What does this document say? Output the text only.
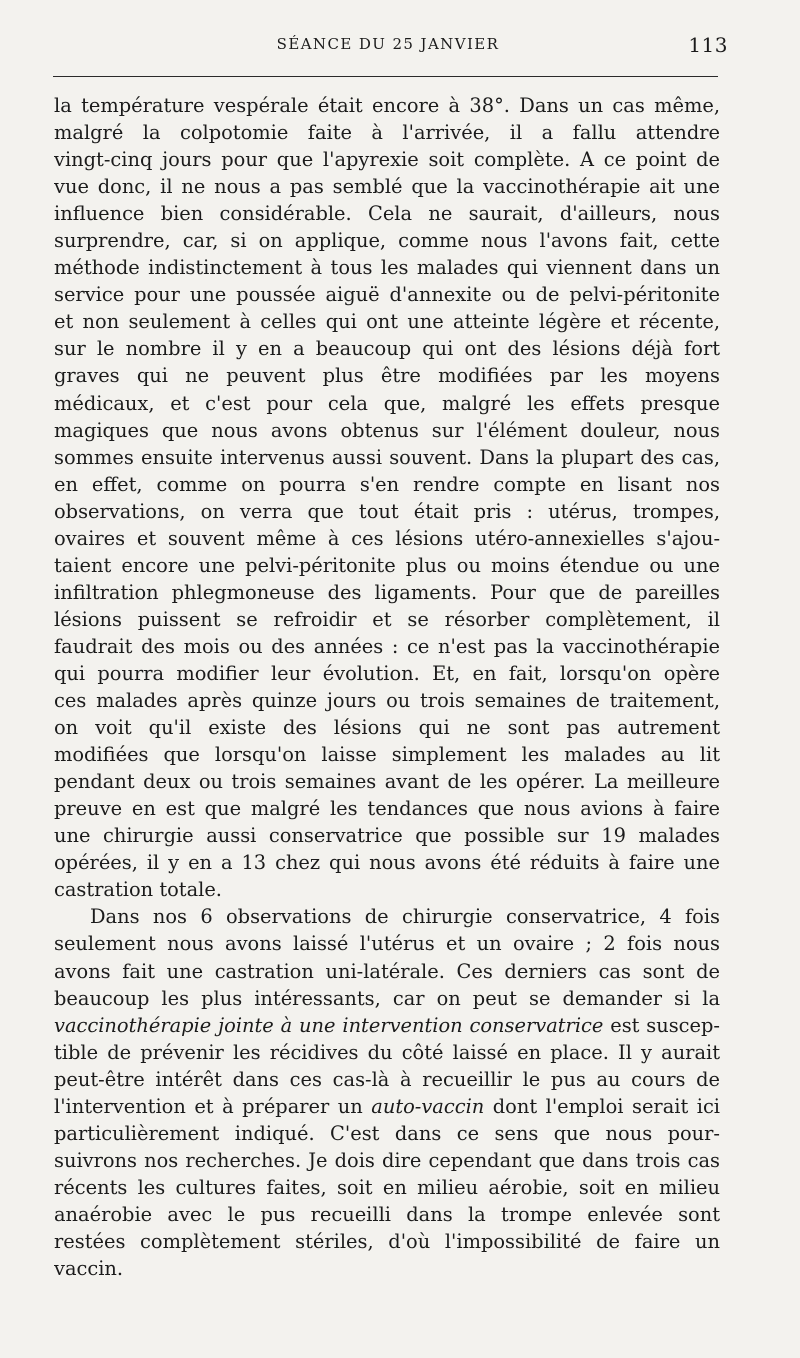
SÉANCE DU 25 JANVIER	113
la température vespérale était encore à 38°. Dans un cas même,
malgré la colpotomie faite à l'arrivée, il a fallu attendre
vingt-cinq jours pour que l'apyrexie soit complète. A ce point de
vue donc, il ne nous a pas semblé que la vaccinothérapie ait une
influence bien considérable. Cela ne saurait, d'ailleurs, nous
surprendre, car, si on applique, comme nous l'avons fait, cette
méthode indistinctement à tous les malades qui viennent dans un
service pour une poussée aiguë d'annexite ou de pelvi-péritonite
et non seulement à celles qui ont une atteinte légère et récente,
sur le nombre il y en a beaucoup qui ont des lésions déjà fort
graves qui ne peuvent plus être modifiées par les moyens
médicaux, et c'est pour cela que, malgré les effets presque
magiques que nous avons obtenus sur l'élément douleur, nous
sommes ensuite intervenus aussi souvent. Dans la plupart des cas,
en effet, comme on pourra s'en rendre compte en lisant nos
observations, on verra que tout était pris : utérus, trompes,
ovaires et souvent même à ces lésions utéro-annexielles s'ajou-
taient encore une pelvi-péritonite plus ou moins étendue ou une
infiltration phlegmoneuse des ligaments. Pour que de pareilles
lésions puissent se refroidir et se résorber complètement, il
faudrait des mois ou des années : ce n'est pas la vaccinothérapie
qui pourra modifier leur évolution. Et, en fait, lorsqu'on opère
ces malades après quinze jours ou trois semaines de traitement,
on voit qu'il existe des lésions qui ne sont pas autrement
modifiées que lorsqu'on laisse simplement les malades au lit
pendant deux ou trois semaines avant de les opérer. La meilleure
preuve en est que malgré les tendances que nous avions à faire
une chirurgie aussi conservatrice que possible sur 19 malades
opérées, il y en a 13 chez qui nous avons été réduits à faire une
castration totale.
Dans nos 6 observations de chirurgie conservatrice, 4 fois
seulement nous avons laissé l'utérus et un ovaire ; 2 fois nous
avons fait une castration uni-latérale. Ces derniers cas sont de
beaucoup les plus intéressants, car on peut se demander si la
vaccinothérapie jointe à une intervention conservatrice est suscep-
tible de prévenir les récidives du côté laissé en place. Il y aurait
peut-être intérêt dans ces cas-là à recueillir le pus au cours de
l'intervention et à préparer un auto-vaccin dont l'emploi serait ici
particulièrement indiqué. C'est dans ce sens que nous pour-
suivrons nos recherches. Je dois dire cependant que dans trois cas
récents les cultures faites, soit en milieu aérobie, soit en milieu
anaérobie avec le pus recueilli dans la trompe enlevée sont
restées complètement stériles, d'où l'impossibilité de faire un
vaccin.
